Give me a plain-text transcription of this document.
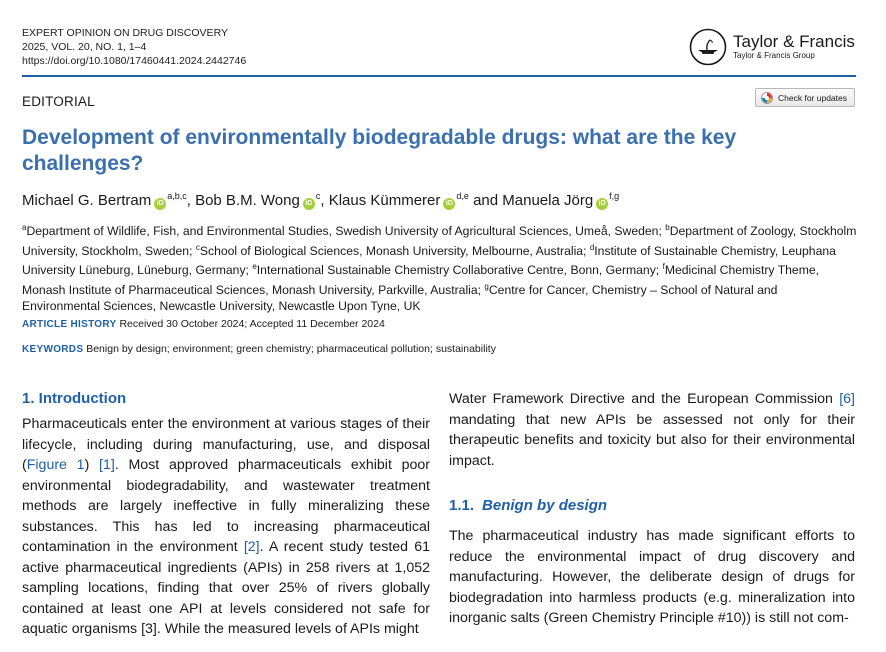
EXPERT OPINION ON DRUG DISCOVERY
2025, VOL. 20, NO. 1, 1–4
https://doi.org/10.1080/17460441.2024.2442746
Taylor & Francis
Taylor & Francis Group
EDITORIAL	Check for updates
Development of environmentally biodegradable drugs: what are the key challenges?
Michael G. Bertram iD$^{a,b,c}$, Bob B.M. Wong $iD^c$, Klaus Kümmerer iD$^{d,e}$ and Manuela Jörg iD$^{f,g}$
$^a$Department of Wildlife, Fish, and Environmental Studies, Swedish University of Agricultural Sciences, Umeå, Sweden; $^b$Department of Zoology, Stockholm University, Stockholm, Sweden; $^c$School of Biological Sciences, Monash University, Melbourne, Australia; $^d$Institute of Sustainable Chemistry, Leuphana University Lüneburg, Lüneburg, Germany; $^e$International Sustainable Chemistry Collaborative Centre, Bonn, Germany; $^f$Medicinal Chemistry Theme, Monash Institute of Pharmaceutical Sciences, Monash University, Parkville, Australia; $^g$Centre for Cancer, Chemistry – School of Natural and Environmental Sciences, Newcastle University, Newcastle Upon Tyne, UK
ARTICLE HISTORY Received 30 October 2024; Accepted 11 December 2024
KEYWORDS Benign by design; environment; green chemistry; pharmaceutical pollution; sustainability
1. Introduction
Pharmaceuticals enter the environment at various stages of their lifecycle, including during manufacturing, use, and disposal (Figure 1) [1]. Most approved pharmaceuticals exhibit poor environmental biodegradability, and wastewater treatment methods are largely ineffective in fully mineralizing these substances. This has led to increasing pharmaceutical contamination in the environment [2]. A recent study tested 61 active pharmaceutical ingredients (APIs) in 258 rivers at 1,052 sampling locations, finding that over 25% of rivers globally contained at least one API at levels considered not safe for aquatic organisms [3]. While the measured levels of APIs might
Water Framework Directive and the European Commission [6] mandating that new APIs be assessed not only for their therapeutic benefits and toxicity but also for their environmental impact.
1.1. Benign by design
The pharmaceutical industry has made significant efforts to reduce the environmental impact of drug discovery and manufacturing. However, the deliberate design of drugs for biodegradation into harmless products (e.g. mineralization into inorganic salts (Green Chemistry Principle #10)) is still not com-
